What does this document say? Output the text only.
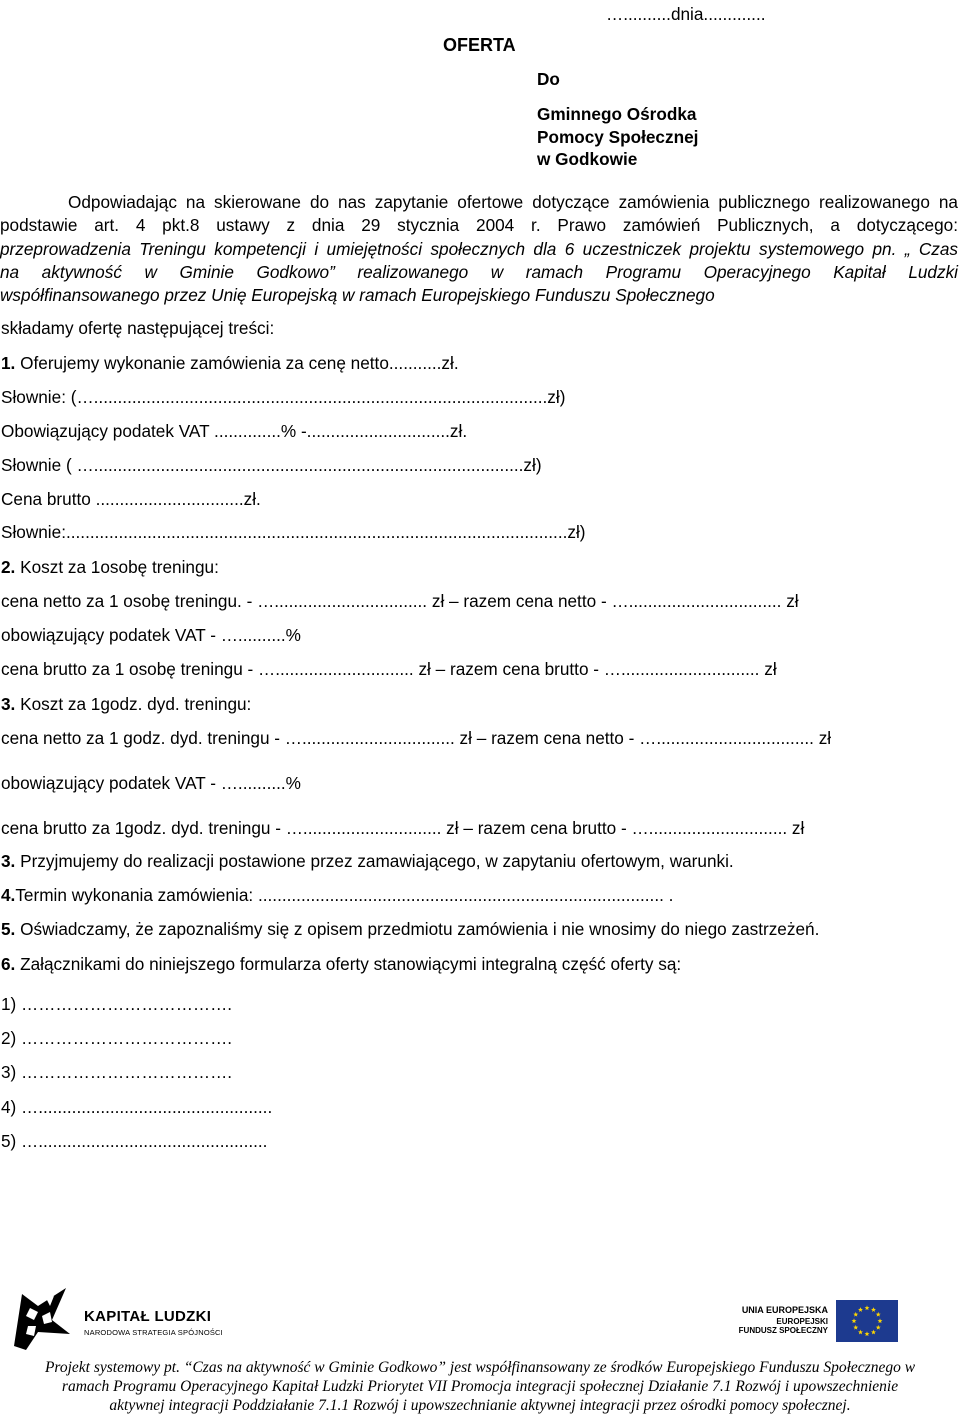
…..........dnia.............
OFERTA
Do
Gminnego Ośrodka
Pomocy Społecznej
w Godkowie
Odpowiadając na skierowane do nas zapytanie ofertowe dotyczące zamówienia publicznego realizowanego na
podstawie art. 4 pkt.8 ustawy z dnia 29 stycznia 2004 r. Prawo zamówień Publicznych, a dotyczącego:
przeprowadzenia Treningu kompetencji i umiejętności społecznych dla 6 uczestniczek projektu systemowego pn. „ Czas
na aktywność w Gminie Godkowo” realizowanego w ramach Programu Operacyjnego Kapitał Ludzki
współfinansowanego przez Unię Europejską w ramach Europejskiego Funduszu Społecznego
składamy ofertę następującej treści:
1. Oferujemy wykonanie zamówienia za cenę netto...........zł.
Słownie: (…...............................................................................................zł)
Obowiązujący podatek VAT ..............% -..............................zł.
Słownie ( …..........................................................................................zł)
Cena brutto ...............................zł.
Słownie:.........................................................................................................zł)
2. Koszt za 1osobę treningu:
cena netto za 1 osobę treningu. - …................................ zł – razem cena netto - …................................ zł
obowiązujący podatek VAT - …..........%
cena brutto za 1 osobę treningu - …............................. zł – razem cena brutto - …............................. zł
3. Koszt za 1godz. dyd. treningu:
cena netto za 1 godz. dyd. treningu - …................................ zł – razem cena netto - …................................. zł
obowiązujący podatek VAT - …..........%
cena brutto za 1godz. dyd. treningu - …............................. zł – razem cena brutto - …............................. zł
3. Przyjmujemy do realizacji postawione przez zamawiającego, w zapytaniu ofertowym, warunki.
4.Termin wykonania zamówienia: ..................................................................................... .
5. Oświadczamy, że zapoznaliśmy się z opisem przedmiotu zamówienia i nie wnosimy do niego zastrzeżeń.
6. Załącznikami do niniejszego formularza oferty stanowiącymi integralną część oferty są:
1) ……………………………….
2) ……………………………….
3) ……………………………….
4) ….................................................
5) …................................................
KAPITAŁ LUDZKI
NARODOWA STRATEGIA SPÓJNOŚCI
UNIA EUROPEJSKA
EUROPEJSKI
FUNDUSZ SPOŁECZNY
Projekt systemowy pt. “Czas na aktywność w Gminie Godkowo” jest współfinansowany ze środków Europejskiego Funduszu Społecznego w
ramach Programu Operacyjnego Kapitał Ludzki Priorytet VII Promocja integracji społecznej Działanie 7.1 Rozwój i upowszechnienie
aktywnej integracji Poddziałanie 7.1.1 Rozwój i upowszechnianie aktywnej integracji przez ośrodki pomocy społecznej.
